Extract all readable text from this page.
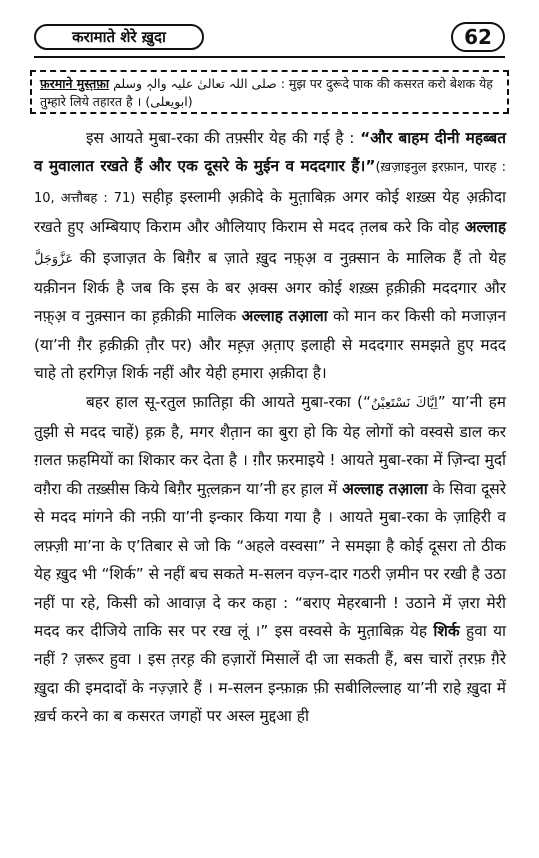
करामाते शेरे ख़ुदा	62
फ़रमाने मुस्त़फ़ा صلی اللہ تعالیٰ علیہ والہٖ وسلم : मुझ पर दुरूदे पाक की कसरत करो बेशक येह तुम्हारे लिये तहारत है । (ابویعلی)

इस आयते मुबा-रका की तफ़्सीर येह की गई है : “और बाहम दीनी महब्बत व मुवालात रखते हैं और एक दूसरे के मुईन व मददगार हैं।”(ख़ज़ाइनुल इरफ़ान, पारह : 10, अत्तौबह : 71) सहीह़ इस्लामी अ़क़ीदे के मुत़ाबिक़ अगर कोई शख़्स येह अ़क़ीदा रखते हुए अम्बियाए किराम और औलियाए किराम से मदद त़लब करे कि वोह अल्लाह عَزَّوَجَلَّ की इजाज़त के बिग़ैर ब ज़ाते ख़ुद नफ़्अ़ व नुक़्सान के मालिक हैं तो येह यक़ीनन शिर्क है जब कि इस के बर अ़क्स अगर कोई शख़्स ह़क़ीक़ी मददगार और नफ़्अ़ व नुक़्सान का ह़क़ीक़ी मालिक अल्लाह तआ़ला को मान कर किसी को मजाज़न (या’नी ग़ैर ह़क़ीक़ी त़ौर पर) और मह़्ज़ अ़त़ाए इलाही से मददगार समझते हुए मदद चाहे तो हरगिज़ शिर्क नहीं और येही हमारा अ़क़ीदा है।

बहर हाल सू-रतुल फ़ातिह़ा की आयते मुबा-रका (“اِيَّاكَ نَسْتَعِيْنُ” या’नी हम तुझी से मदद चाहें) ह़क़ है, मगर शैत़ान का बुरा हो कि येह लोगों को वस्वसे डाल कर ग़लत फ़हमियों का शिकार कर देता है । ग़ौर फ़रमाइये ! आयते मुबा-रका में ज़िन्दा मुर्दा वग़ैरा की तख़्सीस किये बिग़ैर मुत़्लक़न या’नी हर ह़ाल में अल्लाह तआ़ला के सिवा दूसरे से मदद मांगने की नफ़ी या’नी इन्कार किया गया है । आयते मुबा-रका के ज़ाहिरी व लफ़्ज़ी मा’ना के ए’तिबार से जो कि “अहले वस्वसा” ने समझा है कोई दूसरा तो ठीक येह ख़ुद भी “शिर्क” से नहीं बच सकते म-सलन वज़्न-दार गठरी ज़मीन पर रखी है उठा नहीं पा रहे, किसी को आवाज़ दे कर कहा : “बराए मेहरबानी ! उठाने में ज़रा मेरी मदद कर दीजिये ताकि सर पर रख लूं ।” इस वस्वसे के मुत़ाबिक़ येह शिर्क हुवा या नहीं ? ज़रूर हुवा । इस त़रह़ की हज़ारों मिसालें दी जा सकती हैं, बस चारों त़रफ़ ग़ैरे ख़ुदा की इमदादों के नज़्ज़ारे हैं । म-सलन इन्फ़ाक़ फ़ी सबीलिल्लाह या’नी राहे ख़ुदा में ख़र्च करने का ब कसरत जगहों पर अस्ल मुद्दआ ही
